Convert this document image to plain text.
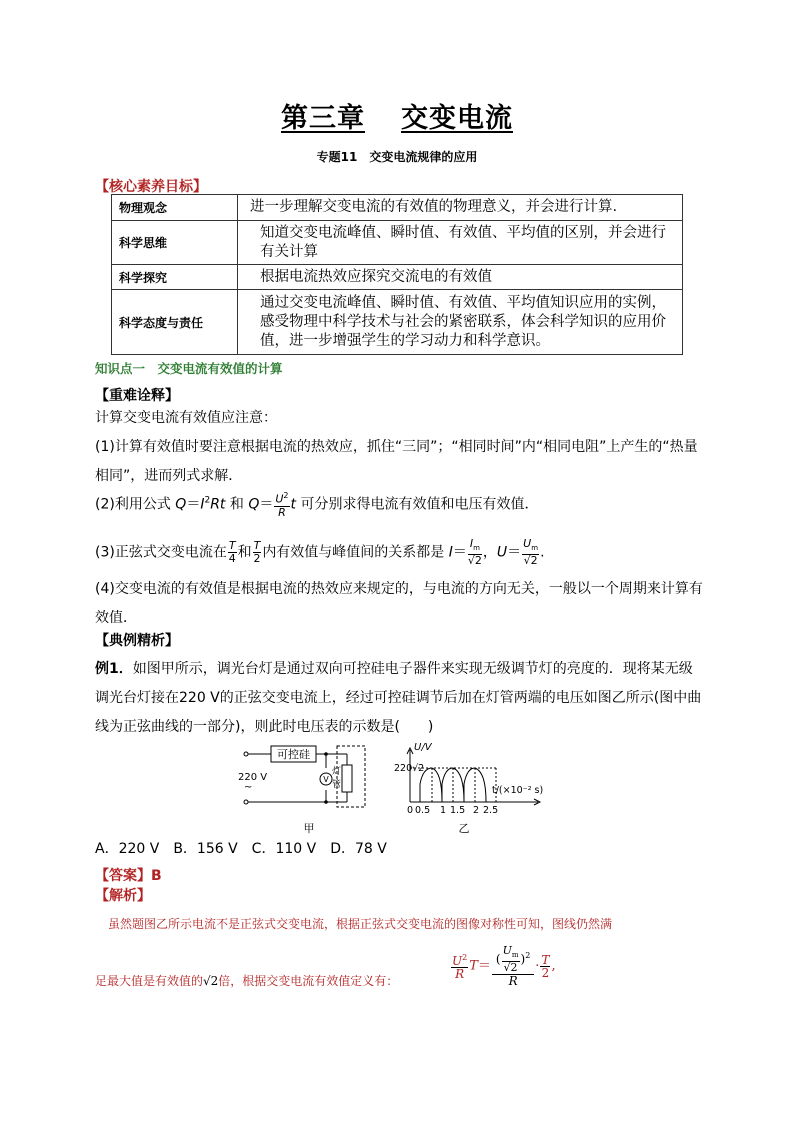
第三章 交变电流
专题11　交变电流规律的应用
【核心素养目标】
物理观念	进一步理解交变电流的有效值的物理意义，并会进行计算.
科学思维	知道交变电流峰值、瞬时值、有效值、平均值的区别，并会进行有关计算
科学探究	根据电流热效应探究交流电的有效值
科学态度与责任	通过交变电流峰值、瞬时值、有效值、平均值知识应用的实例，感受物理中科学技术与社会的紧密联系，体会科学知识的应用价值，进一步增强学生的学习动力和科学意识。
知识点一　交变电流有效值的计算
【重难诠释】
计算交变电流有效值应注意：
(1)计算有效值时要注意根据电流的热效应，抓住“三同”；“相同时间”内“相同电阻”上产生的“热量相同”，进而列式求解．
(2)利用公式 $Q=I^2Rt$ 和 $Q= \frac{U^2}{R}$ t 可分别求得电流有效值和电压有效值．
(3)正弦式交变电流在 $\frac{T}{4}$ 和 $\frac{T}{2}$ 内有效值与峰值间的关系都是 $I= \frac{I_m}{√2}$ ，$U= \frac{U_m}{√2}$ .
(4)交变电流的有效值是根据电流的热效应来规定的，与电流的方向无关，一般以一个周期来计算有效值．
【典例精析】
例1．如图甲所示，调光台灯是通过双向可控硅电子器件来实现无级调节灯的亮度的．现将某无级调光台灯接在220 V的正弦交变电流上，经过可控硅调节后加在灯管两端的电压如图乙所示(图中曲线为正弦曲线的一部分)，则此时电压表的示数是(　　)
可控硅
220 V
~
V
灯
管
甲
U/V
220√2
t/(×10⁻² s)
0 0.5 1 1.5 2 2.5
乙
A．220 V　B．156 V　C．110 V　D．78 V
【答案】B
【解析】
虽然题图乙所示电流不是正弦式交变电流，根据正弦式交变电流的图像对称性可知，图线仍然满
足最大值是有效值的√2倍，根据交变电流有效值定义有：
$\frac{U^2}{R} T= \frac{( \frac{U_m}{√2} )^2}{R} \cdot \frac{T}{2}$ ,
